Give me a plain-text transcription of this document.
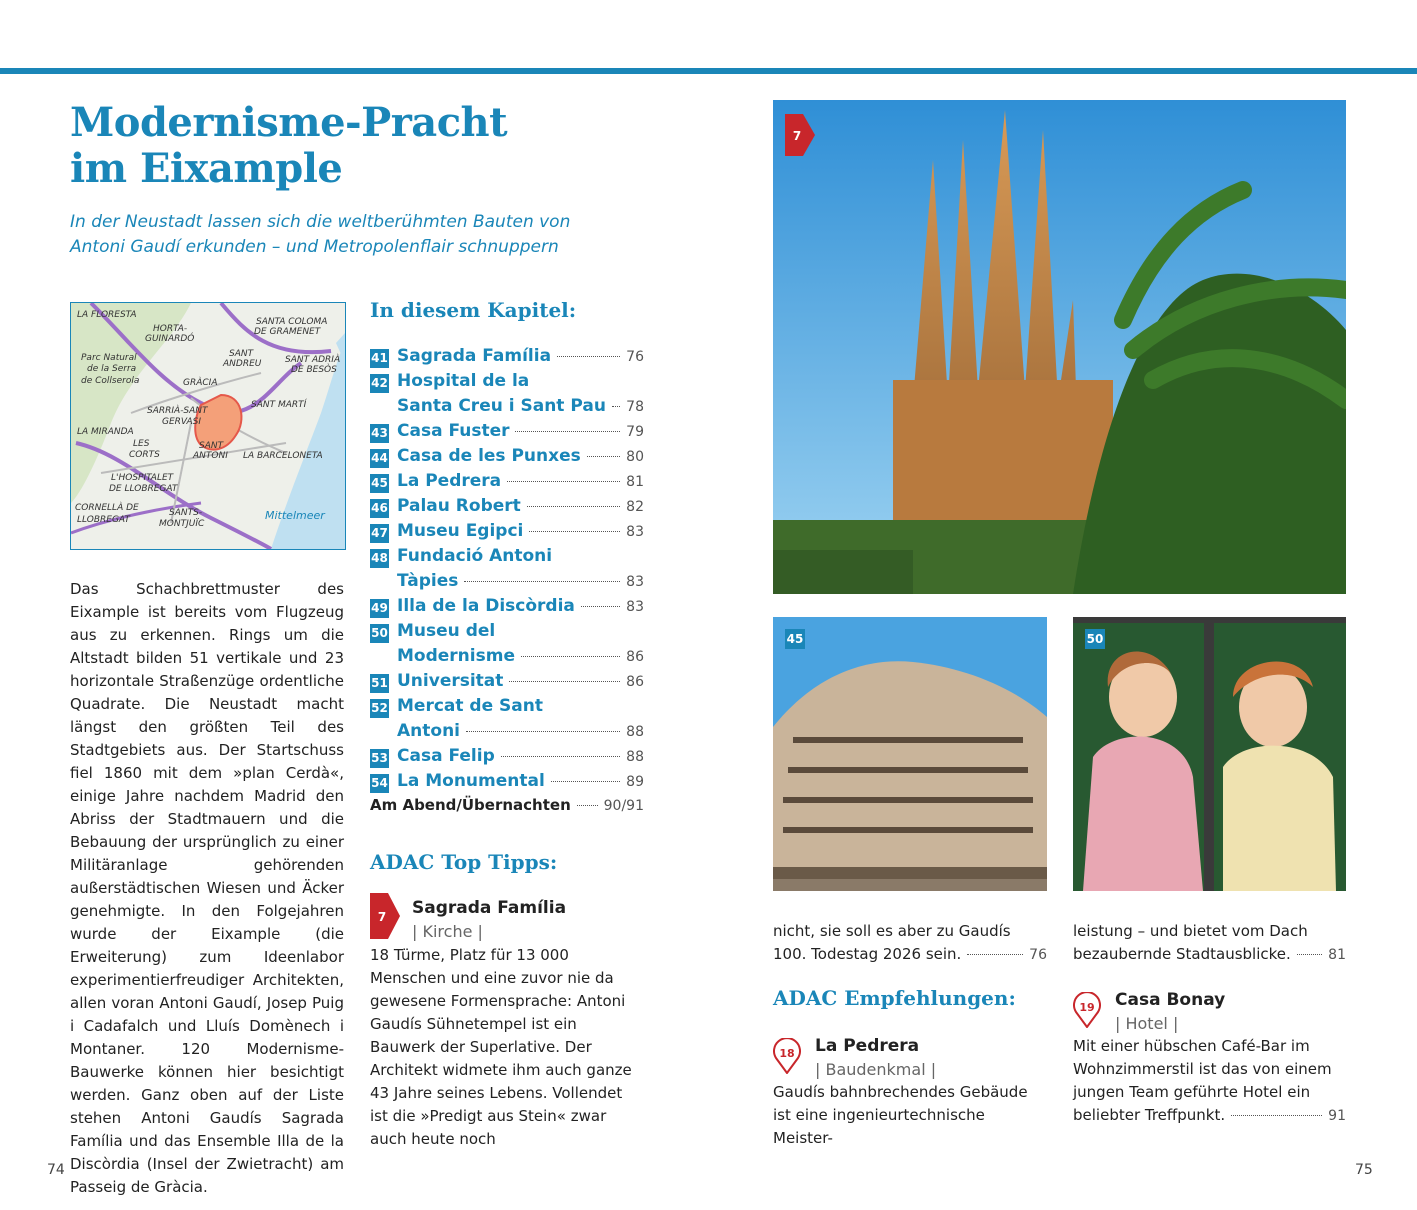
Modernisme-Pracht
im Eixample
In der Neustadt lassen sich die weltberühmten Bauten von
Antoni Gaudí erkunden – und Metropolenflair schnuppern
LA FLORESTA
HORTA-
GUINARDÓ
SANTA COLOMA
DE GRAMENET
Parc Natural
de la Serra
de Collserola
SANT
ANDREU	SANT ADRIÀ
DE BESÒS
GRÀCIA
SARRIÀ-SANT
GERVASI
SANT MARTÍ
LA MIRANDA
LES
CORTS
SANT
ANTONI LA BARCELONETA
L'HOSPITALET
DE LLOBREGAT
CORNELLÀ DE
LLOBREGAT
SANTS-
MONTJUÏC
Mittelmeer
Das Schachbrettmuster des Eixample ist bereits vom Flugzeug aus zu erkennen. Rings um die Altstadt bilden 51 vertikale und 23 horizontale Straßenzüge ordentliche Quadrate. Die Neustadt macht längst den größten Teil des Stadtgebiets aus. Der Startschuss fiel 1860 mit dem »plan Cerdà«, einige Jahre nachdem Madrid den Abriss der Stadtmauern und die Bebauung der ursprünglich zu einer Militäranlage gehörenden außerstädtischen Wiesen und Äcker genehmigte. In den Folgejahren wurde der Eixample (die Erweiterung) zum Ideenlabor experimentierfreudiger Architekten, allen voran Antoni Gaudí, Josep Puig i Cadafalch und Lluís Domènech i Montaner. 120 Modernisme-Bauwerke können hier besichtigt werden. Ganz oben auf der Liste stehen Antoni Gaudís Sagrada Família und das Ensemble Illa de la Discòrdia (Insel der Zwietracht) am Passeig de Gràcia.
In diesem Kapitel:
41 Sagrada Família	76
42 Hospital de la
Santa Creu i Sant Pau 78
43 Casa Fuster	79
44 Casa de les Punxes	80
45 La Pedrera	81
46 Palau Robert	82
47 Museu Egipci	83
48 Fundació Antoni
Tàpies	83
49 Illa de la Discòrdia	83
50 Museu del
Modernisme	86
51 Universitat	86
52 Mercat de Sant
Antoni	88
53 Casa Felip	88
54 La Monumental	89
Am Abend/Übernachten 90/91
ADAC Top Tipps:
7 Sagrada Família
| Kirche |
18 Türme, Platz für 13 000 Menschen und eine zuvor nie da gewesene Formensprache: Antoni Gaudís Sühnetempel ist ein Bauwerk der Superlative. Der Architekt widmete ihm auch ganze 43 Jahre seines Lebens. Vollendet ist die »Predigt aus Stein« zwar auch heute noch
7
45	50
nicht, sie soll es aber zu Gaudís
100. Todestag 2026 sein.	76
ADAC Empfehlungen:
18 La Pedrera
| Baudenkmal |
Gaudís bahnbrechendes Gebäude
ist eine ingenieurtechnische Meister-
leistung – und bietet vom Dach
bezaubernde Stadtausblicke.	81
19 Casa Bonay
| Hotel |
Mit einer hübschen Café-Bar im
Wohnzimmerstil ist das von einem
jungen Team geführte Hotel ein
beliebter Treffpunkt.	91
74	75
